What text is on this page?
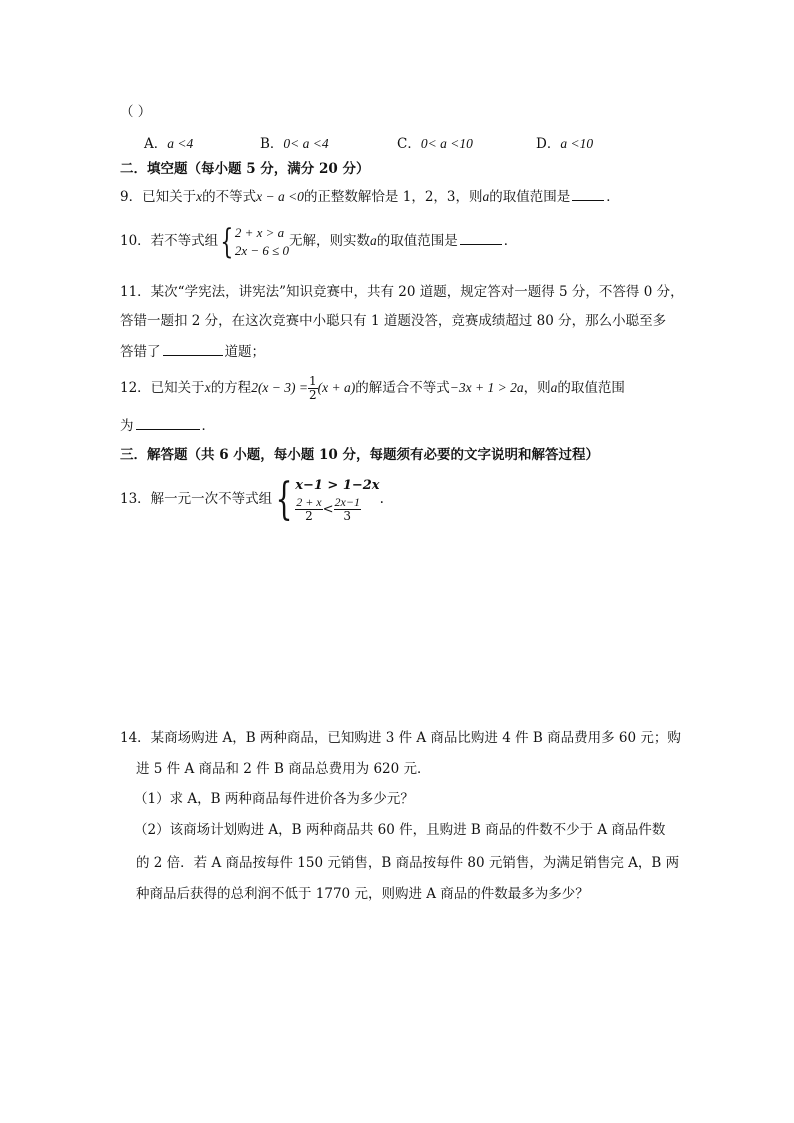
（ ）
A．a <4	B．0< a <4	C．0< a <10	D．a <10
二．填空题（每小题 5 分，满分 20 分）
9．已知关于x的不等式x − a <0的正整数解恰是 1，2，3，则a的取值范围是	．
10．若不等式组{ 2 + x > a
2x − 6 ≤ 0
无解，则实数a的取值范围是	．
11．某次“学宪法，讲宪法”知识竞赛中，共有 20 道题，规定答对一题得 5 分，不答得 0 分，
答错一题扣 2 分，在这次竞赛中小聪只有 1 道题没答，竞赛成绩超过 80 分，那么小聪至多
答错了	道题；
12．已知关于x的方程$2(x - 3) = \frac{1}{2} (x + a)$的解适合不等式−3x + 1 > 2a，则a的取值范围
为	．
三．解答题（共 6 小题，每小题 10 分，每题须有必要的文字说明和解答过程）
13．解一元一次不等式组{ x−1 > 1−2x
$\frac{2 + x}{2} < \frac{2x-1}{3}$ .
14．某商场购进 A，B 两种商品，已知购进 3 件 A 商品比购进 4 件 B 商品费用多 60 元；购
进 5 件 A 商品和 2 件 B 商品总费用为 620 元．
（1）求 A，B 两种商品每件进价各为多少元？
（2）该商场计划购进 A，B 两种商品共 60 件，且购进 B 商品的件数不少于 A 商品件数
的 2 倍．若 A 商品按每件 150 元销售，B 商品按每件 80 元销售，为满足销售完 A，B 两
种商品后获得的总利润不低于 1770 元，则购进 A 商品的件数最多为多少？
